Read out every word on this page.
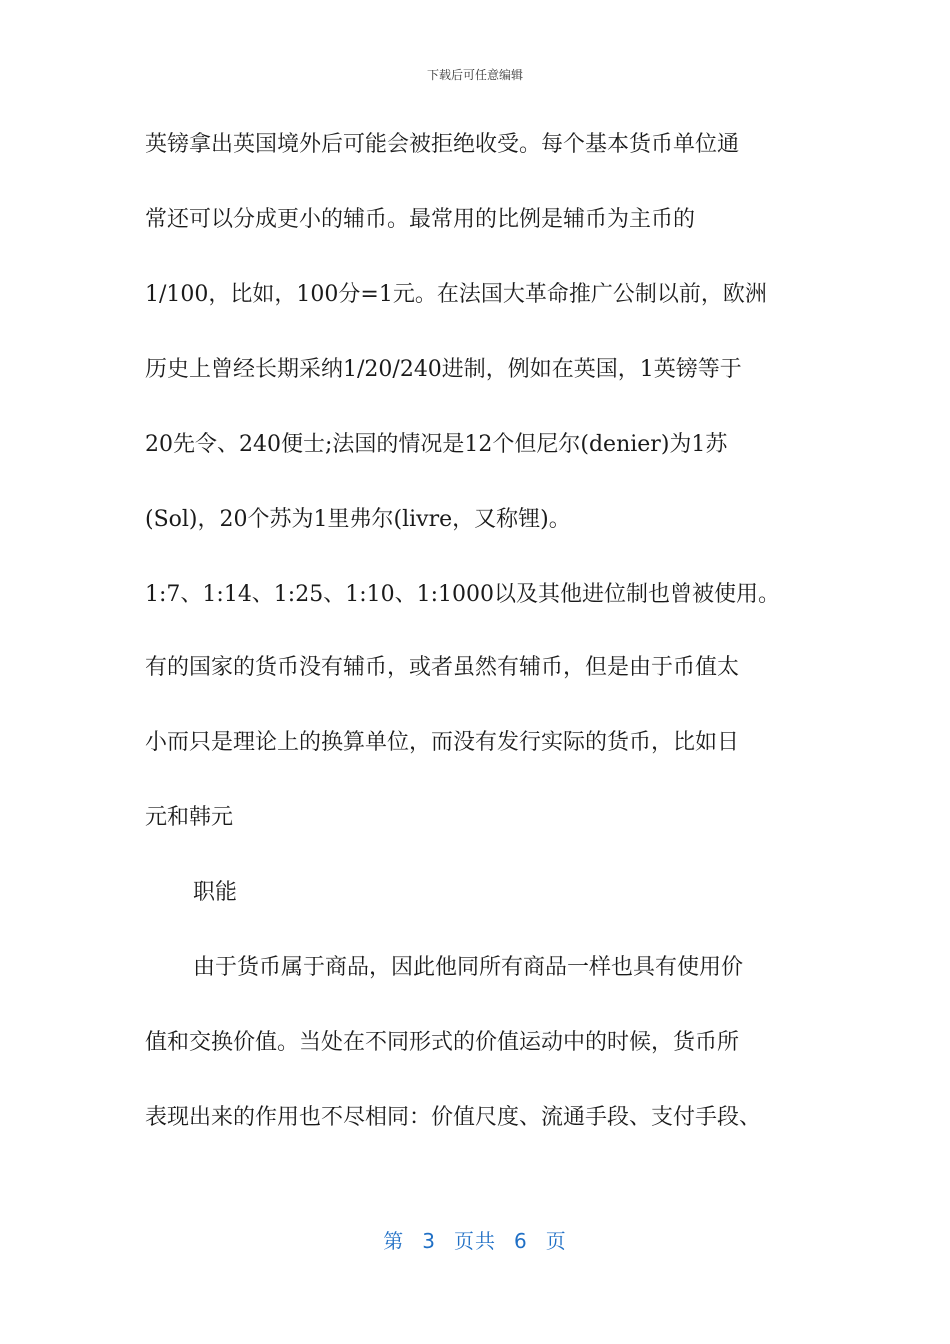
下载后可任意编辑
英镑拿出英国境外后可能会被拒绝收受。每个基本货币单位通
常还可以分成更小的辅币。最常用的比例是辅币为主币的
1/100，比如，100分=1元。在法国大革命推广公制以前，欧洲
历史上曾经长期采纳1/20/240进制，例如在英国，1英镑等于
20先令、240便士;法国的情况是12个但尼尔(denier)为1苏
(Sol)，20个苏为1里弗尔(livre，又称锂)。
1:7、1:14、1:25、1:10、1:1000以及其他进位制也曾被使用。
有的国家的货币没有辅币，或者虽然有辅币，但是由于币值太
小而只是理论上的换算单位，而没有发行实际的货币，比如日
元和韩元
职能
由于货币属于商品，因此他同所有商品一样也具有使用价
值和交换价值。当处在不同形式的价值运动中的时候，货币所
表现出来的作用也不尽相同：价值尺度、流通手段、支付手段、
第 3 页共 6 页
